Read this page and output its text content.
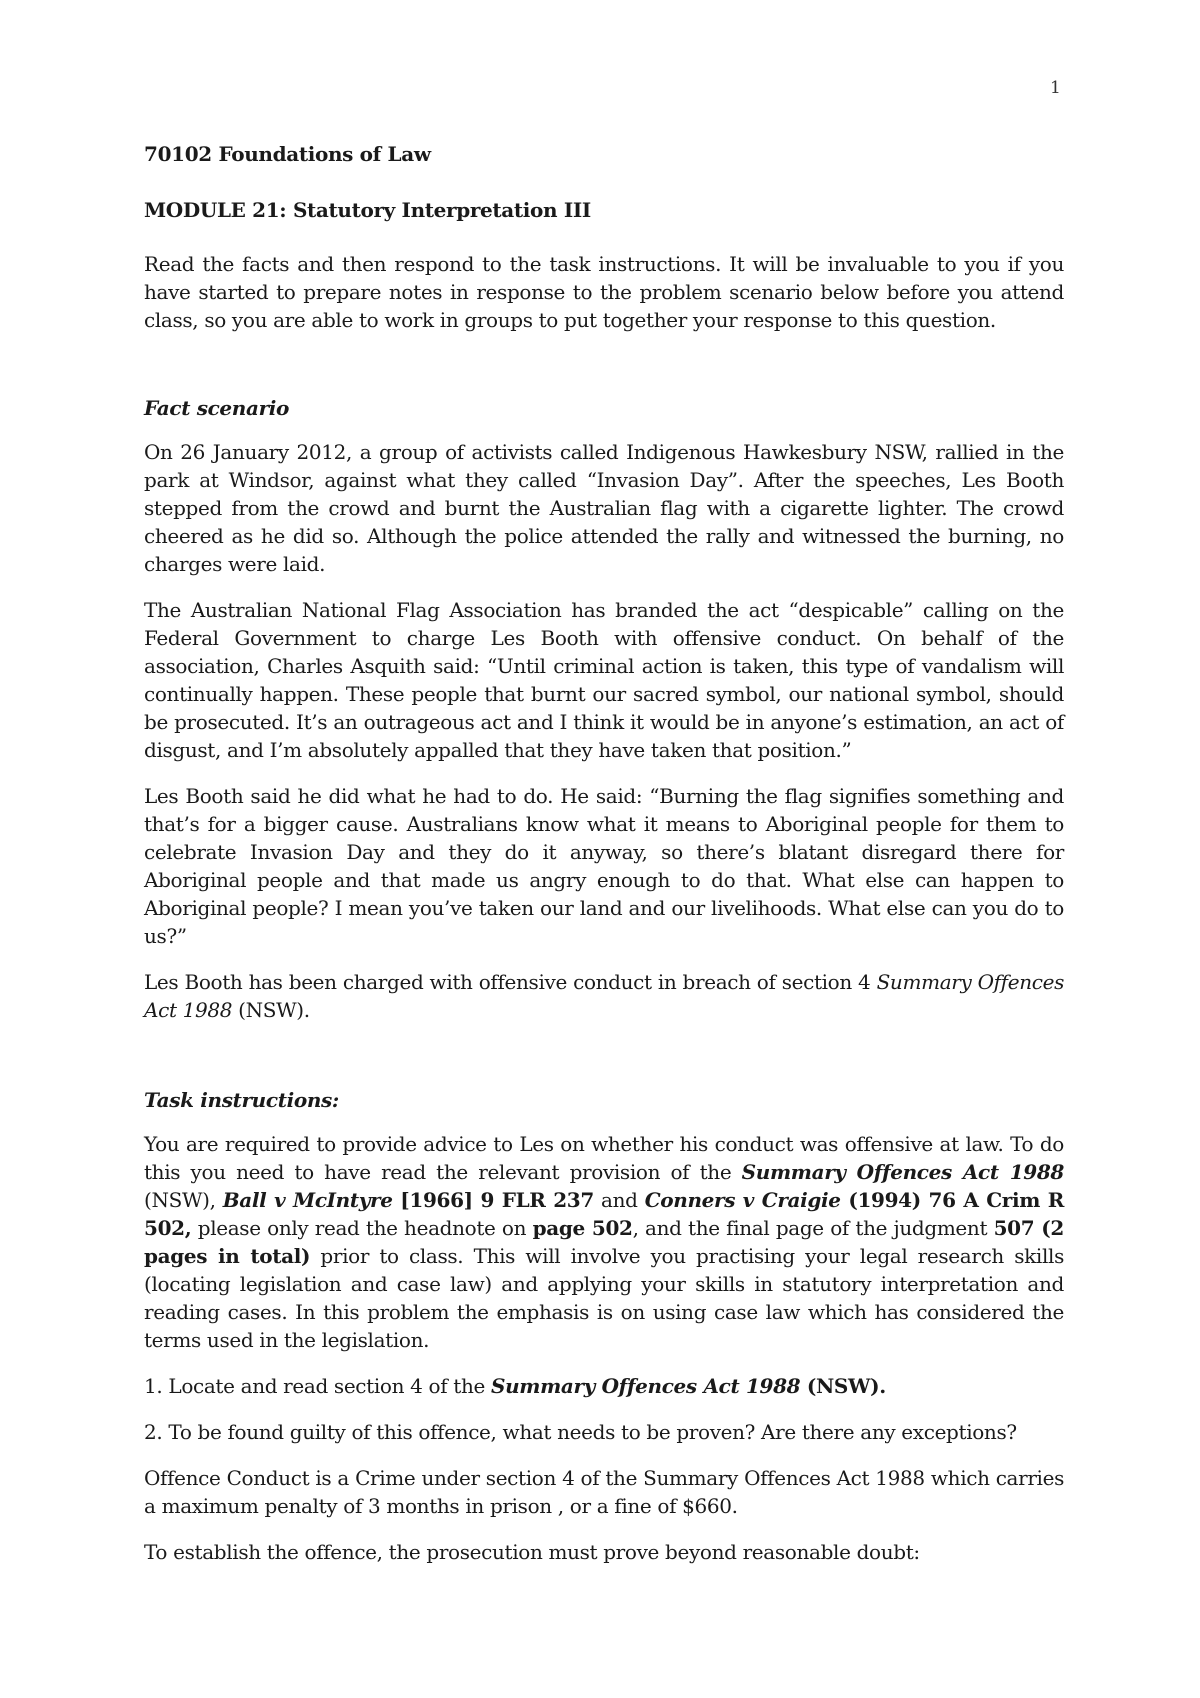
1

70102 Foundations of Law

MODULE 21: Statutory Interpretation III

Read the facts and then respond to the task instructions. It will be invaluable to you if you have started to prepare notes in response to the problem scenario below before you attend class, so you are able to work in groups to put together your response to this question.

Fact scenario

On 26 January 2012, a group of activists called Indigenous Hawkesbury NSW, rallied in the park at Windsor, against what they called “Invasion Day”. After the speeches, Les Booth stepped from the crowd and burnt the Australian flag with a cigarette lighter. The crowd cheered as he did so. Although the police attended the rally and witnessed the burning, no charges were laid.

The Australian National Flag Association has branded the act “despicable” calling on the Federal Government to charge Les Booth with offensive conduct. On behalf of the association, Charles Asquith said: “Until criminal action is taken, this type of vandalism will continually happen. These people that burnt our sacred symbol, our national symbol, should be prosecuted. It’s an outrageous act and I think it would be in anyone’s estimation, an act of disgust, and I’m absolutely appalled that they have taken that position.”

Les Booth said he did what he had to do. He said: “Burning the flag signifies something and that’s for a bigger cause. Australians know what it means to Aboriginal people for them to celebrate Invasion Day and they do it anyway, so there’s blatant disregard there for Aboriginal people and that made us angry enough to do that. What else can happen to Aboriginal people? I mean you’ve taken our land and our livelihoods. What else can you do to us?”

Les Booth has been charged with offensive conduct in breach of section 4 Summary Offences Act 1988 (NSW).

Task instructions:

You are required to provide advice to Les on whether his conduct was offensive at law. To do this you need to have read the relevant provision of the Summary Offences Act 1988 (NSW), Ball v McIntyre [1966] 9 FLR 237 and Conners v Craigie (1994) 76 A Crim R 502, please only read the headnote on page 502, and the final page of the judgment 507 (2 pages in total) prior to class. This will involve you practising your legal research skills (locating legislation and case law) and applying your skills in statutory interpretation and reading cases. In this problem the emphasis is on using case law which has considered the terms used in the legislation.

1. Locate and read section 4 of the Summary Offences Act 1988 (NSW).

2. To be found guilty of this offence, what needs to be proven? Are there any exceptions?

Offence Conduct is a Crime under section 4 of the Summary Offences Act 1988 which carries a maximum penalty of 3 months in prison , or a fine of $660.

To establish the offence, the prosecution must prove beyond reasonable doubt:
